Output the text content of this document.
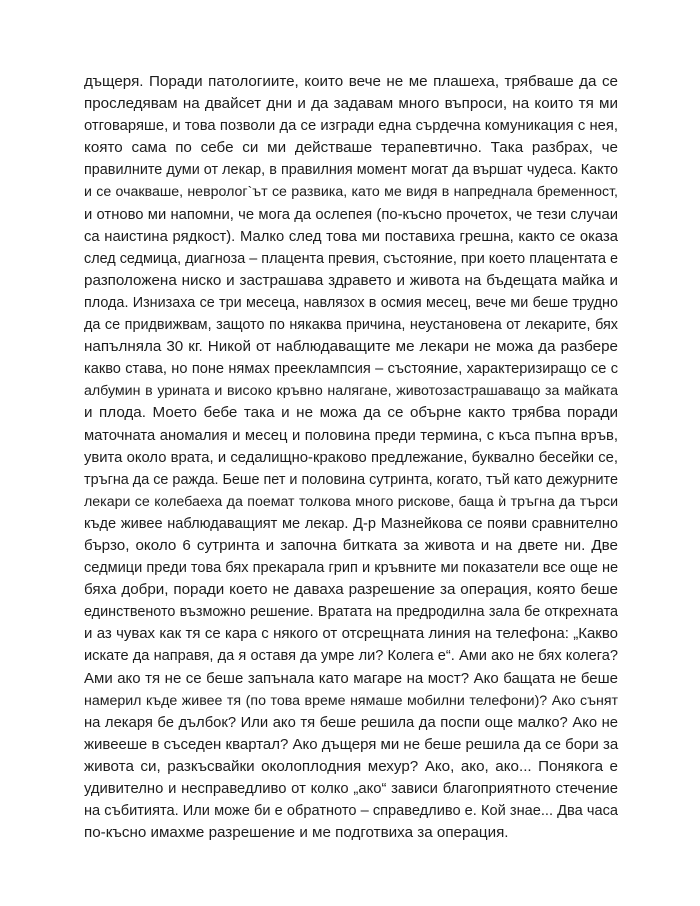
дъщеря. Поради патологиите, които вече не ме плашеха, трябваше да се
проследявам на двайсет дни и да задавам много въпроси, на които тя ми
отговаряше, и това позволи да се изгради една сърдечна комуникация с нея,
която сама по себе си ми действаше терапевтично. Така разбрах, че
правилните думи от лекар, в правилния момент могат да вършат чудеса. Както
и се очакваше, невролог`ът се развика, като ме видя в напреднала бременност,
и отново ми напомни, че мога да ослепея (по-късно прочетох, че тези случаи
са наистина рядкост). Малко след това ми поставиха грешна, както се оказа
след седмица, диагноза – плацента превия, състояние, при което плацентата е
разположена ниско и застрашава здравето и живота на бъдещата майка и
плода. Изнизаха се три месеца, навлязох в осмия месец, вече ми беше трудно
да се придвижвам, защото по някаква причина, неустановена от лекарите, бях
напълняла 30 кг. Никой от наблюдаващите ме лекари не можа да разбере
какво става, но поне нямах прееклампсия – състояние, характеризиращо се с
албумин в урината и високо кръвно налягане, животозастрашаващо за майката
и плода. Моето бебе така и не можа да се обърне както трябва поради
маточната аномалия и месец и половина преди термина, с къса пъпна връв,
увита около врата, и седалищно-краково предлежание, буквално бесейки се,
тръгна да се ражда. Беше пет и половина сутринта, когато, тъй като дежурните
лекари се колебаеха да поемат толкова много рискове, баща ѝ тръгна да търси
къде живее наблюдаващият ме лекар. Д-р Мазнейкова се появи сравнително
бързо, около 6 сутринта и започна битката за живота и на двете ни. Две
седмици преди това бях прекарала грип и кръвните ми показатели все още не
бяха добри, поради което не даваха разрешение за операция, която беше
единственото възможно решение. Вратата на предродилна зала бе открехната
и аз чувах как тя се кара с някого от отсрещната линия на телефона: „Какво
искате да направя, да я оставя да умре ли? Колега е“. Ами ако не бях колега?
Ами ако тя не се беше запънала като магаре на мост? Ако бащата не беше
намерил къде живее тя (по това време нямаше мобилни телефони)? Ако сънят
на лекаря бе дълбок? Или ако тя беше решила да поспи още малко? Ако не
живееше в съседен квартал? Ако дъщеря ми не беше решила да се бори за
живота си, разкъсвайки околоплодния мехур? Ако, ако, ако... Понякога е
удивително и несправедливо от колко „ако“ зависи благоприятното стечение
на събитията. Или може би е обратното – справедливо е. Кой знае... Два часа
по-късно имахме разрешение и ме подготвиха за операция.
